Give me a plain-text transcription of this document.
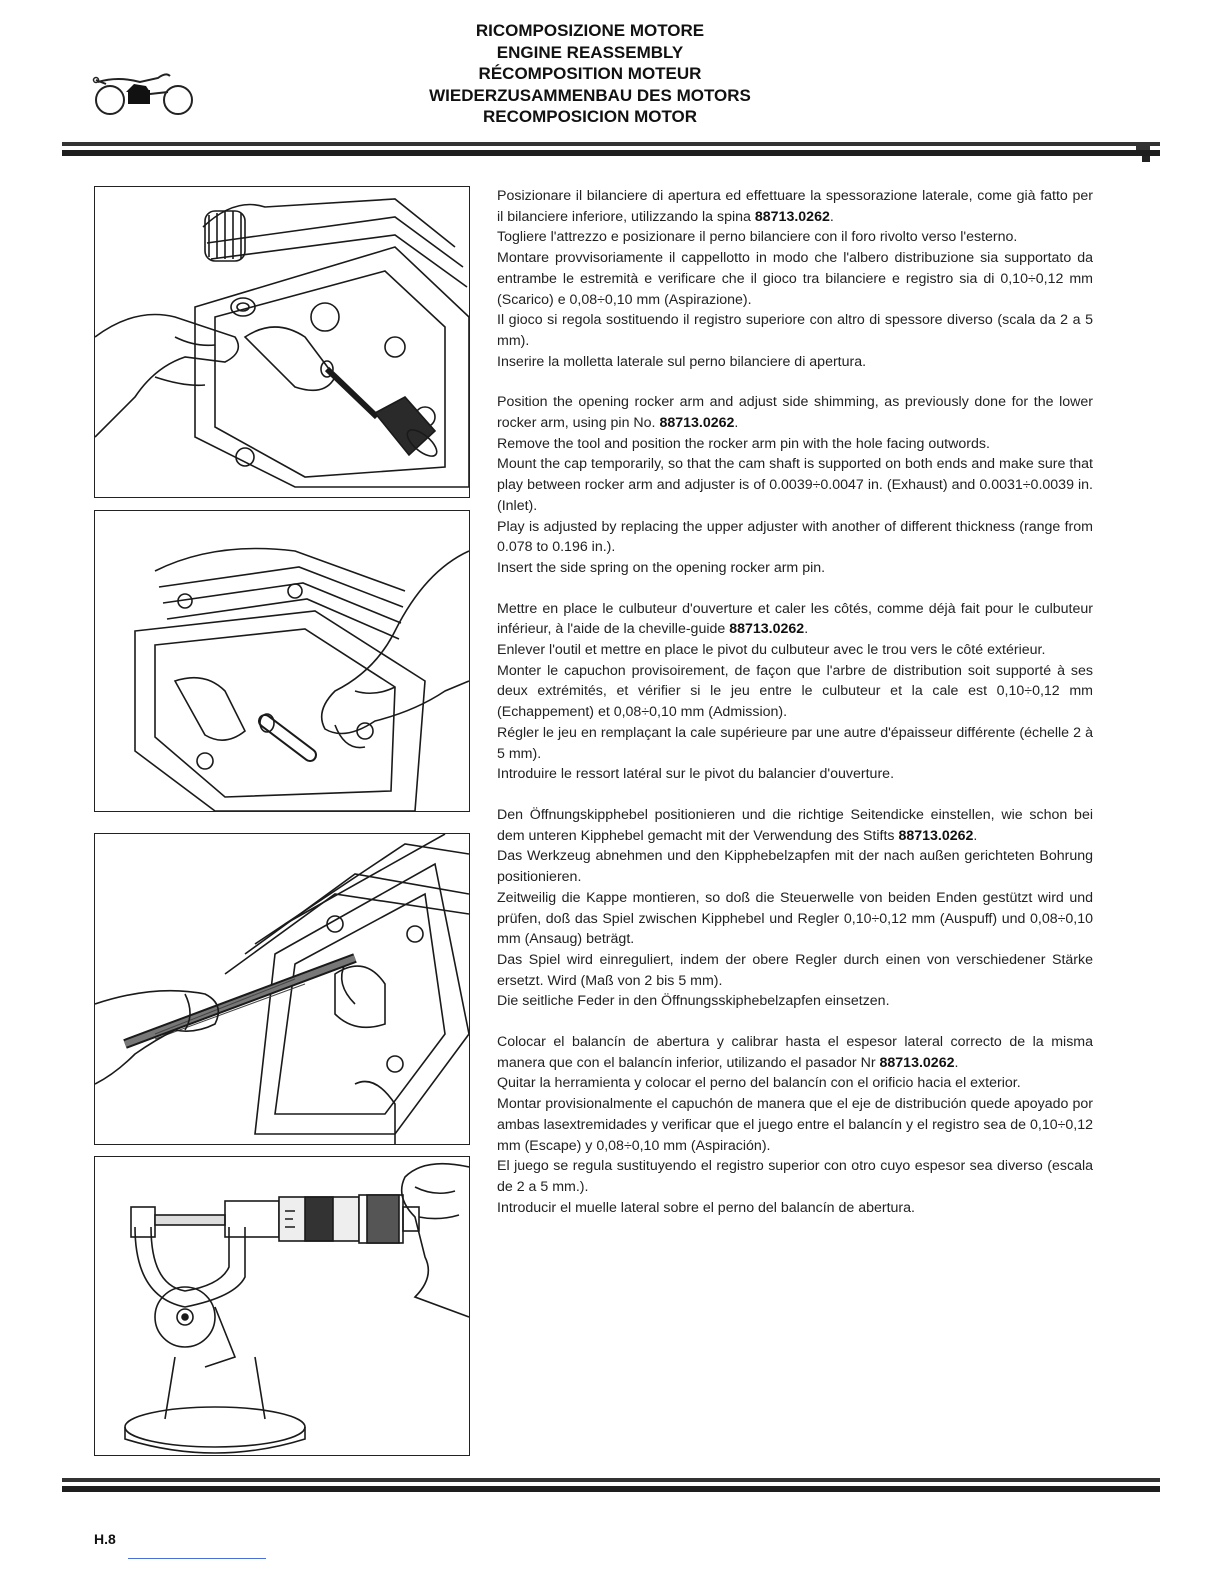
RICOMPOSIZIONE MOTORE
ENGINE REASSEMBLY
RÉCOMPOSITION MOTEUR
WIEDERZUSAMMENBAU DES MOTORS
RECOMPOSICION MOTOR

Posizionare il bilanciere di apertura ed effettuare la spessorazione laterale, come già fatto per il bilanciere inferiore, utilizzando la spina 88713.0262.

Togliere l'attrezzo e posizionare il perno bilanciere con il foro rivolto verso l'esterno.

Montare provvisoriamente il cappellotto in modo che l'albero distribuzione sia supportato da entrambe le estremità e verificare che il gioco tra bilanciere e registro sia di 0,10÷0,12 mm (Scarico) e 0,08÷0,10 mm (Aspirazione).

Il gioco si regola sostituendo il registro superiore con altro di spessore diverso (scala da 2 a 5 mm).

Inserire la molletta laterale sul perno bilanciere di apertura.

Position the opening rocker arm and adjust side shimming, as previously done for the lower rocker arm, using pin No. 88713.0262.

Remove the tool and position the rocker arm pin with the hole facing outwords.

Mount the cap temporarily, so that the cam shaft is supported on both ends and make sure that play between rocker arm and adjuster is of 0.0039÷0.0047 in. (Exhaust) and 0.0031÷0.0039 in. (Inlet).

Play is adjusted by replacing the upper adjuster with another of different thickness (range from 0.078 to 0.196 in.).

Insert the side spring on the opening rocker arm pin.

Mettre en place le culbuteur d'ouverture et caler les côtés, comme déjà fait pour le culbuteur inférieur, à l'aide de la cheville-guide 88713.0262.

Enlever l'outil et mettre en place le pivot du culbuteur avec le trou vers le côté extérieur.

Monter le capuchon provisoirement, de façon que l'arbre de distribution soit supporté à ses deux extrémités, et vérifier si le jeu entre le culbuteur et la cale est 0,10÷0,12 mm (Echappement) et 0,08÷0,10 mm (Admission).

Régler le jeu en remplaçant la cale supérieure par une autre d'épaisseur différente (échelle 2 à 5 mm).

Introduire le ressort latéral sur le pivot du balancier d'ouverture.

Den Öffnungskipphebel positionieren und die richtige Seitendicke einstellen, wie schon bei dem unteren Kipphebel gemacht mit der Verwendung des Stifts 88713.0262.

Das Werkzeug abnehmen und den Kipphebelzapfen mit der nach außen gerichteten Bohrung positionieren.

Zeitweilig die Kappe montieren, so doß die Steuerwelle von beiden Enden gestützt wird und prüfen, doß das Spiel zwischen Kipphebel und Regler 0,10÷0,12 mm (Auspuff) und 0,08÷0,10 mm (Ansaug) beträgt.

Das Spiel wird einreguliert, indem der obere Regler durch einen von verschiedener Stärke ersetzt. Wird (Maß von 2 bis 5 mm).

Die seitliche Feder in den Öffnungsskiphebelzapfen einsetzen.

Colocar el balancín de abertura y calibrar hasta el espesor lateral correcto de la misma manera que con el balancín inferior, utilizando el pasador Nr 88713.0262.

Quitar la herramienta y colocar el perno del balancín con el orificio hacia el exterior.

Montar provisionalmente el capuchón de manera que el eje de distribución quede apoyado por ambas lasextremidades y verificar que el juego entre el balancín y el registro sea de 0,10÷0,12 mm (Escape) y 0,08÷0,10 mm (Aspiración).

El juego se regula sustituyendo el registro superior con otro cuyo espesor sea diverso (escala de 2 a 5 mm.).

Introducir el muelle lateral sobre el perno del balancín de abertura.

H.8
